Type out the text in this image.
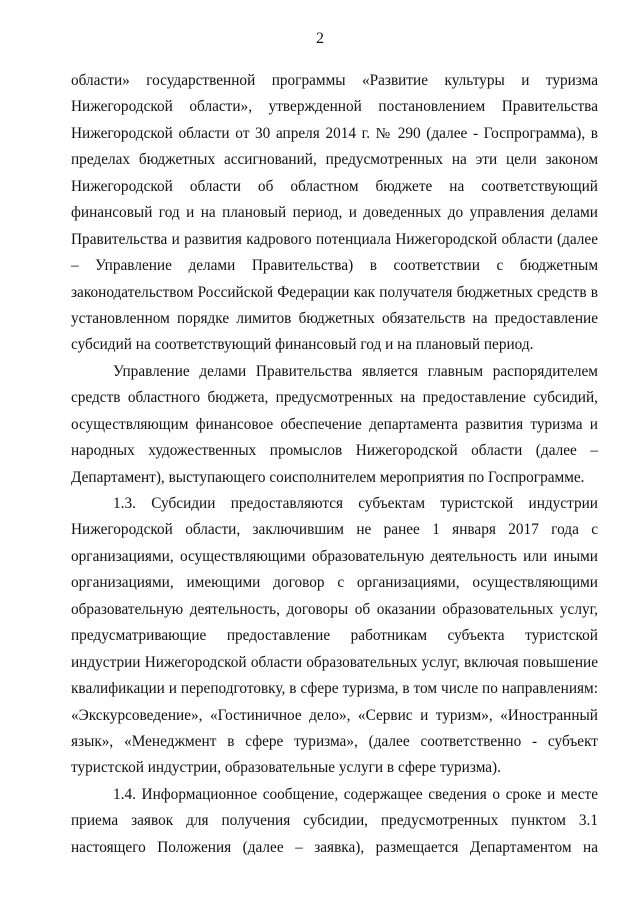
2
области» государственной программы «Развитие культуры и туризма
Нижегородской области», утвержденной постановлением Правительства
Нижегородской области от 30 апреля 2014 г. № 290 (далее - Госпрограмма), в
пределах бюджетных ассигнований, предусмотренных на эти цели законом
Нижегородской области об областном бюджете на соответствующий
финансовый год и на плановый период, и доведенных до управления делами
Правительства и развития кадрового потенциала Нижегородской области (далее
– Управление делами Правительства) в соответствии с бюджетным
законодательством Российской Федерации как получателя бюджетных средств в
установленном порядке лимитов бюджетных обязательств на предоставление
субсидий на соответствующий финансовый год и на плановый период.
Управление делами Правительства является главным распорядителем
средств областного бюджета, предусмотренных на предоставление субсидий,
осуществляющим финансовое обеспечение департамента развития туризма и
народных художественных промыслов Нижегородской области (далее –
Департамент), выступающего соисполнителем мероприятия по Госпрограмме.
1.3. Субсидии предоставляются субъектам туристской индустрии
Нижегородской области, заключившим не ранее 1 января 2017 года с
организациями, осуществляющими образовательную деятельность или иными
организациями, имеющими договор с организациями, осуществляющими
образовательную деятельность, договоры об оказании образовательных услуг,
предусматривающие предоставление работникам субъекта туристской
индустрии Нижегородской области образовательных услуг, включая повышение
квалификации и переподготовку, в сфере туризма, в том числе по направлениям:
«Экскурсоведение», «Гостиничное дело», «Сервис и туризм», «Иностранный
язык», «Менеджмент в сфере туризма», (далее соответственно - субъект
туристской индустрии, образовательные услуги в сфере туризма).
1.4. Информационное сообщение, содержащее сведения о сроке и месте
приема заявок для получения субсидии, предусмотренных пунктом 3.1
настоящего Положения (далее – заявка), размещается Департаментом на
